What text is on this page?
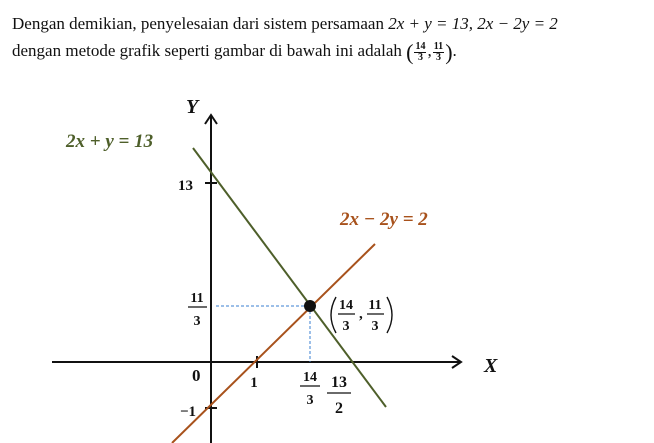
Dengan demikian, penyelesaian dari sistem persamaan 2x + y = 13, 2x − 2y = 2
dengan metode grafik seperti gambar di bawah ini adalah ( $\frac{14}{3}$ , $\frac{11}{3}$ ).
Y
X
0
2x + y = 13
2x − 2y = 2
13
−1
11
3
1	14
3
13
2
14
3
,
11
3
